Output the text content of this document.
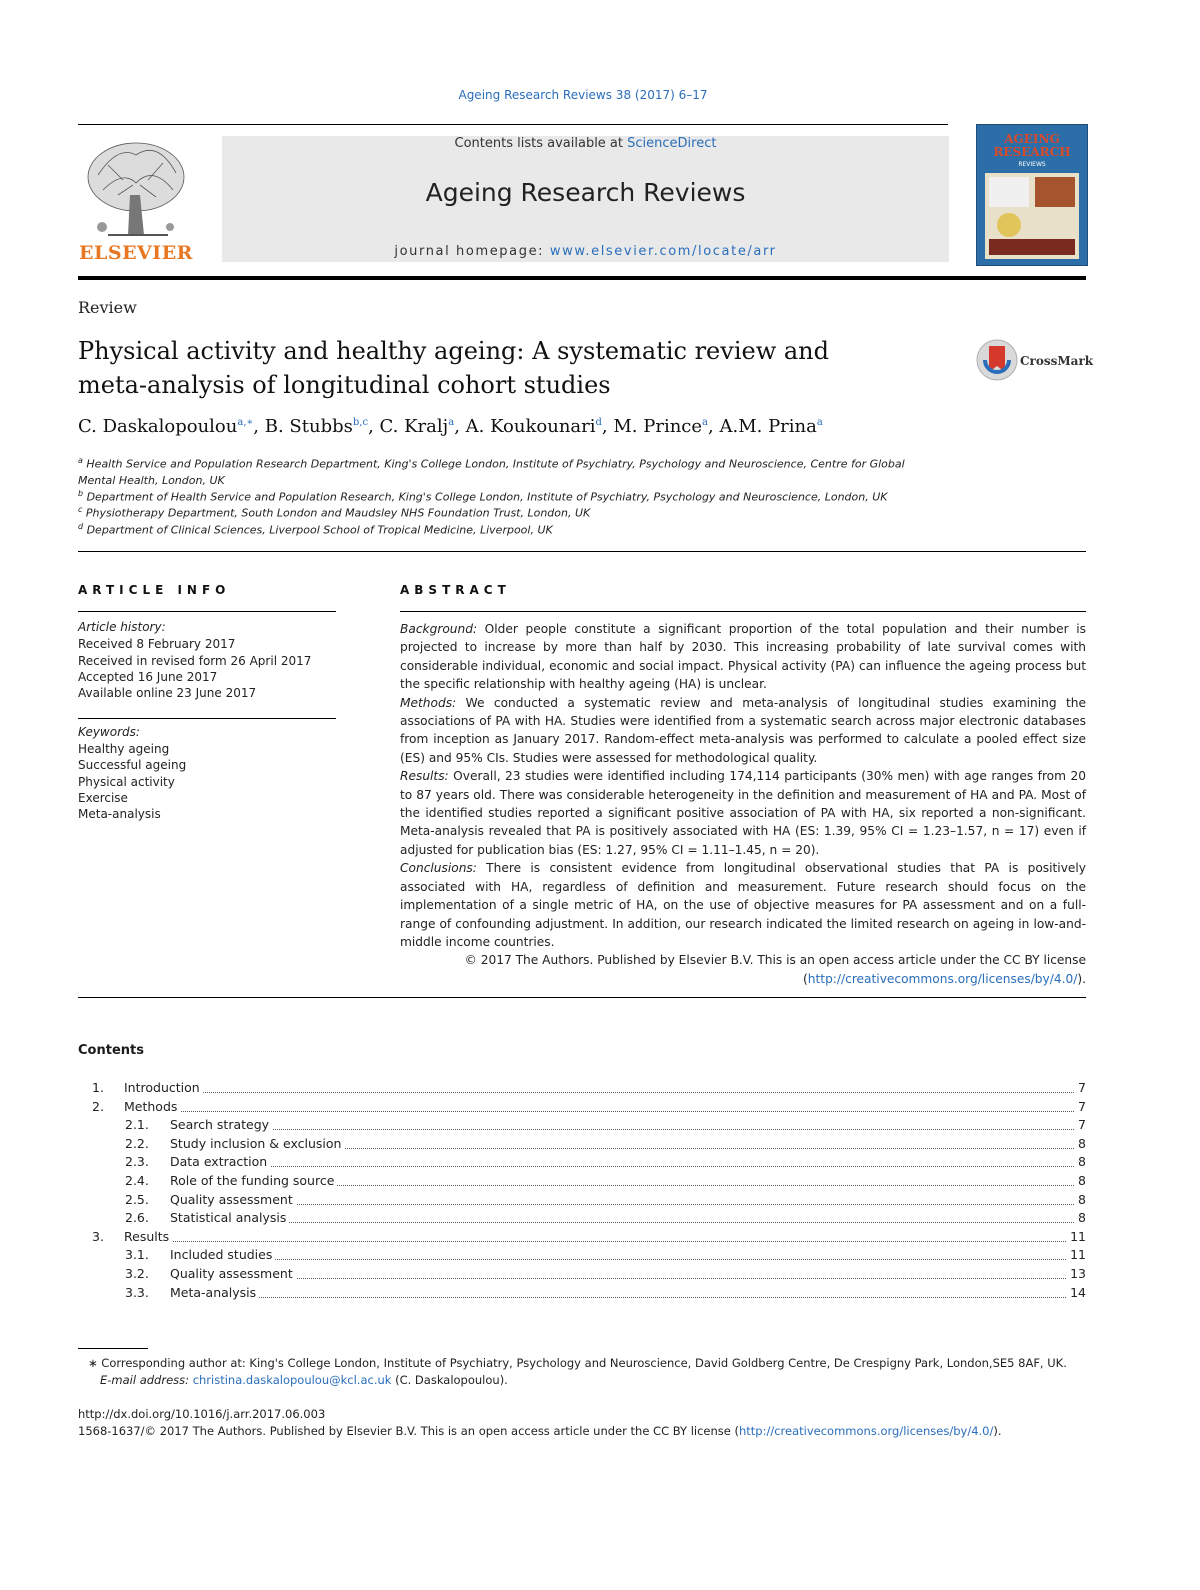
Ageing Research Reviews 38 (2017) 6–17
ELSEVIER
Contents lists available at ScienceDirect
Ageing Research Reviews
journal homepage: www.elsevier.com/locate/arr
AGEING RESEARCH
REVIEWS
Review
Physical activity and healthy ageing: A systematic review and
meta-analysis of longitudinal cohort studies
CrossMark
C. Daskalopoulou$^{a,∗}$, B. Stubbs$^{b,c}$, C. Kralj$^a$, A. Koukounari$^d$, M. Prince$^a$, A.M. Prina$^a$
$^a$ Health Service and Population Research Department, King's College London, Institute of Psychiatry, Psychology and Neuroscience, Centre for Global
Mental Health, London, UK
$^b$ Department of Health Service and Population Research, King's College London, Institute of Psychiatry, Psychology and Neuroscience, London, UK
$^c$ Physiotherapy Department, South London and Maudsley NHS Foundation Trust, London, UK
$^d$ Department of Clinical Sciences, Liverpool School of Tropical Medicine, Liverpool, UK
ARTICLE INFO
Article history:
Received 8 February 2017
Received in revised form 26 April 2017
Accepted 16 June 2017
Available online 23 June 2017
Keywords:
Healthy ageing
Successful ageing
Physical activity
Exercise
Meta-analysis
ABSTRACT

Background: Older people constitute a significant proportion of the total population and their number is projected to increase by more than half by 2030. This increasing probability of late survival comes with considerable individual, economic and social impact. Physical activity (PA) can influence the ageing process but the specific relationship with healthy ageing (HA) is unclear.

Methods: We conducted a systematic review and meta-analysis of longitudinal studies examining the associations of PA with HA. Studies were identified from a systematic search across major electronic databases from inception as January 2017. Random-effect meta-analysis was performed to calculate a pooled effect size (ES) and 95% CIs. Studies were assessed for methodological quality.

Results: Overall, 23 studies were identified including 174,114 participants (30% men) with age ranges from 20 to 87 years old. There was considerable heterogeneity in the definition and measurement of HA and PA. Most of the identified studies reported a significant positive association of PA with HA, six reported a non-significant. Meta-analysis revealed that PA is positively associated with HA (ES: 1.39, 95% CI = 1.23–1.57, n = 17) even if adjusted for publication bias (ES: 1.27, 95% CI = 1.11–1.45, n = 20).

Conclusions: There is consistent evidence from longitudinal observational studies that PA is positively associated with HA, regardless of definition and measurement. Future research should focus on the implementation of a single metric of HA, on the use of objective measures for PA assessment and on a full-range of confounding adjustment. In addition, our research indicated the limited research on ageing in low-and-middle income countries.

© 2017 The Authors. Published by Elsevier B.V. This is an open access article under the CC BY license (http://creativecommons.org/licenses/by/4.0/).

Contents
1. Introduction	7
2. Methods	7
2.1. Search strategy	7
2.2. Study inclusion & exclusion	8
2.3. Data extraction	8
2.4. Role of the funding source	8
2.5. Quality assessment	8
2.6. Statistical analysis	8
3. Results	11
3.1. Included studies	11
3.2. Quality assessment	13
3.3. Meta-analysis	14
∗ Corresponding author at: King's College London, Institute of Psychiatry, Psychology and Neuroscience, David Goldberg Centre, De Crespigny Park, London,SE5 8AF, UK.
E-mail address: christina.daskalopoulou@kcl.ac.uk (C. Daskalopoulou).
http://dx.doi.org/10.1016/j.arr.2017.06.003
1568-1637/© 2017 The Authors. Published by Elsevier B.V. This is an open access article under the CC BY license (http://creativecommons.org/licenses/by/4.0/).
